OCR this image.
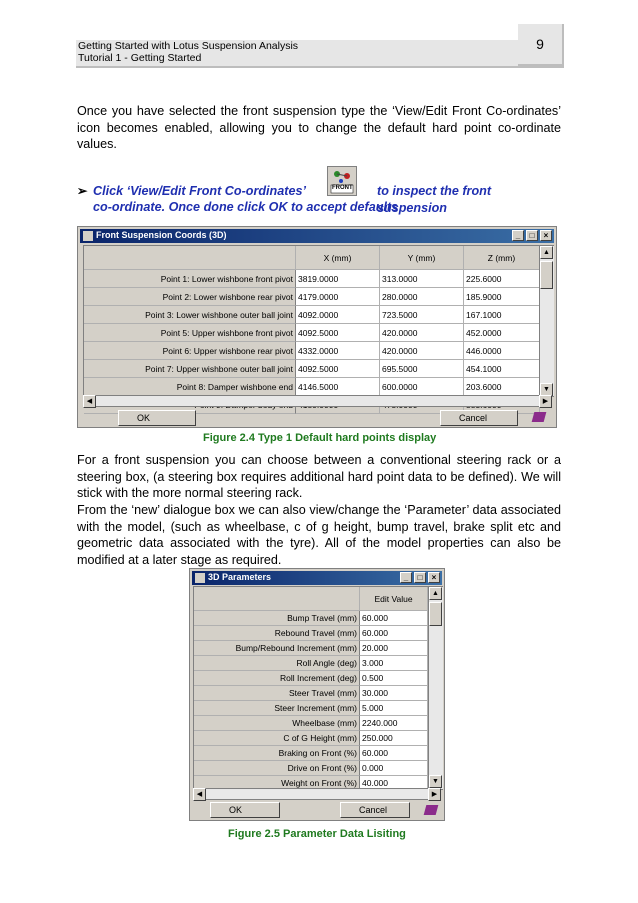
Getting Started with Lotus Suspension Analysis
Tutorial 1 - Getting Started
9
Once you have selected the front suspension type the ‘View/Edit Front Co-ordinates’ icon becomes enabled, allowing you to change the default hard point co-ordinate values.
➢ Click ‘View/Edit Front Co-ordinates’	to inspect the front suspension
co-ordinate. Once done click OK to accept defaults
FRONT
Front Suspension Coords (3D)	_	□	×
X (mm)	Y (mm)	Z (mm)
Point 1: Lower wishbone front pivot 3819.0000	313.0000	225.6000
Point 2: Lower wishbone rear pivot 4179.0000	280.0000	185.9000
Point 3: Lower wishbone outer ball joint 4092.0000	723.5000	167.1000
Point 5: Upper wishbone front pivot 4092.5000	420.0000	452.0000
Point 6: Upper wishbone rear pivot 4332.0000	420.0000	446.0000
Point 7: Upper wishbone outer ball joint 4092.5000	695.5000	454.1000
Point 8: Damper wishbone end 4146.5000	600.0000	203.6000
▲
▼
◀	▶
OK	Cancel
Figure 2.4 Type 1 Default hard points display
For a front suspension you can choose between a conventional steering rack or a steering box, (a steering box requires additional hard point data to be defined). We will stick with the more normal steering rack.
From the ‘new’ dialogue box we can also view/change the ‘Parameter’ data associated with the model, (such as wheelbase, c of g height, bump travel, brake split etc and geometric data associated with the tyre). All of the model properties can also be modified at a later stage as required.
3D Parameters	_	□	×
Edit Value
Bump Travel (mm) 60.000
Rebound Travel (mm) 60.000
Bump/Rebound Increment (mm) 20.000
Roll Angle (deg) 3.000
Roll Increment (deg) 0.500
Steer Travel (mm) 30.000
Steer Increment (mm) 5.000
Wheelbase (mm) 2240.000
C of G Height (mm) 250.000
Braking on Front (%) 60.000
Drive on Front (%) 0.000
Weight on Front (%) 40.000
▲
▼
◀	▶
OK	Cancel
Figure 2.5 Parameter Data Lisiting
